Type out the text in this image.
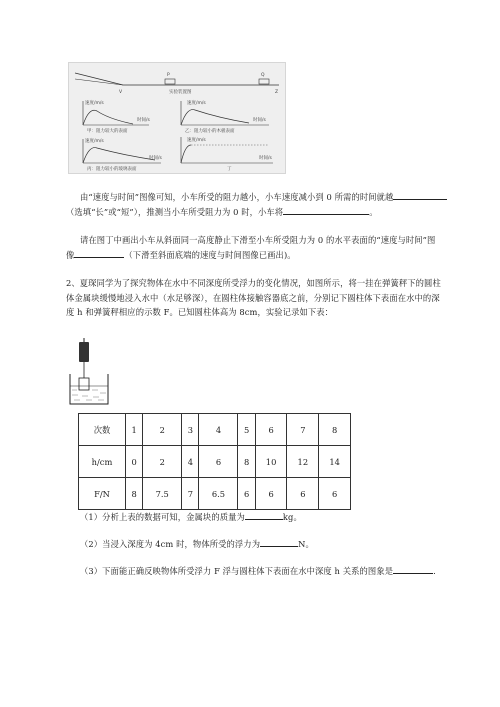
P	Q
V	Z
实验装置图
速度/m/s
时间/s
甲：阻力较大的表面
速度/m/s
时间/s
乙：阻力较小的木板表面
速度/m/s
时间/s
丙：阻力较小的玻璃表面
速度/m/s
时间/s
丁
由“速度与时间”图像可知，小车所受的阻力越小，小车速度减小到 0 所需的时间就越
（选填“长”或“短”），推测当小车所受阻力为 0 时，小车将	。
请在图丁中画出小车从斜面同一高度静止下滑至小车所受阻力为 0 的水平表面的“速度与时间”图
像	（下滑至斜面底端的速度与时间图像已画出)。
2、夏琛同学为了探究物体在水中不同深度所受浮力的变化情况，如图所示，将一挂在弹簧秤下的圆柱
体金属块缓慢地浸入水中（水足够深），在圆柱体接触容器底之前，分别记下圆柱体下表面在水中的深
度 h 和弹簧秤相应的示数 F。已知圆柱体高为 8cm，实验记录如下表：
次数	1	2	3	4	5	6	7	8
h/cm	0	2	4	6	8	10	12	14
F/N	8	7.5	7	6.5	6	6	6	6
（1）分析上表的数据可知，金属块的质量为	kg。
（2）当浸入深度为 4cm 时，物体所受的浮力为	N。
（3）下面能正确反映物体所受浮力 F 浮与圆柱体下表面在水中深度 h 关系的图象是	.
